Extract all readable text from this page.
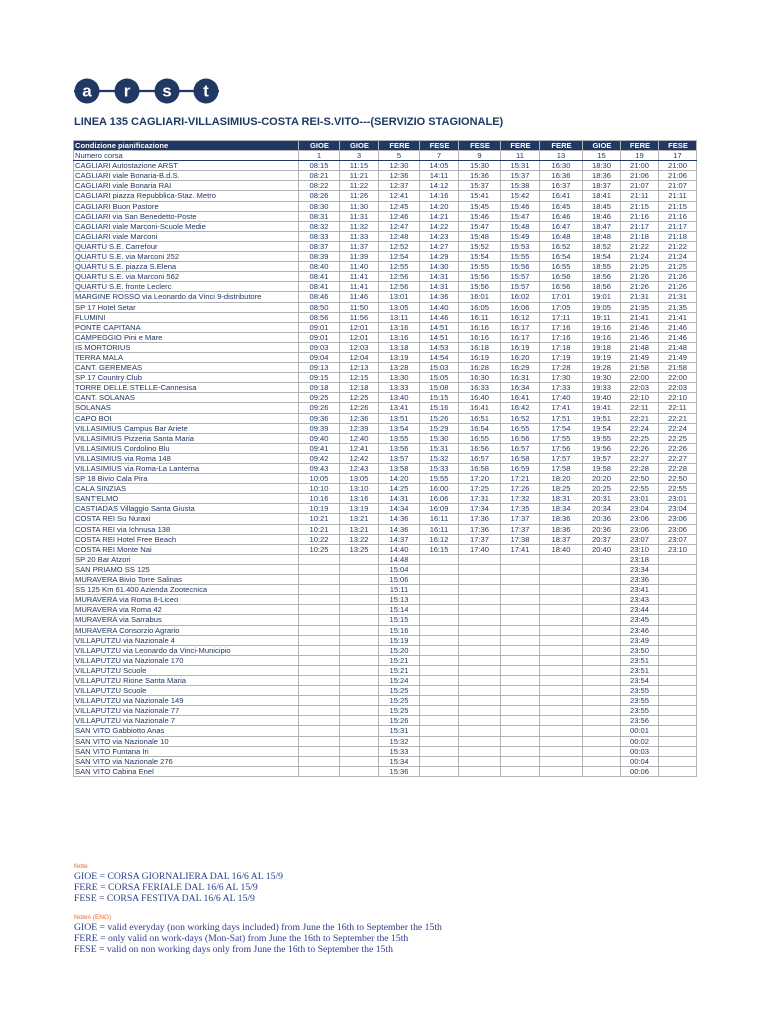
a r s t
LINEA 135 CAGLIARI-VILLASIMIUS-COSTA REI-S.VITO---(SERVIZIO STAGIONALE)
Condizione pianificazione	GIOE	GIOE	FERE	FESE	FESE	FERE	FERE	GIOE	FERE	FESE
Numero corsa	1	3	5	7	9	11	13	15	19	17
CAGLIARI Autostazione ARST	08:15	11:15	12:30	14:05	15:30	15:31	16:30	18:30	21:00	21:00
CAGLIARI viale Bonaria-B.d.S.	08:21	11:21	12:36	14:11	15:36	15:37	16:36	18:36	21:06	21:06
CAGLIARI viale Bonaria RAI	08:22	11:22	12:37	14:12	15:37	15:38	16:37	18:37	21:07	21:07
CAGLIARI piazza Repubblica-Staz. Metro	08:26	11:26	12:41	14:16	15:41	15:42	16:41	18:41	21:11	21:11
CAGLIARI Buon Pastore	08:30	11:30	12:45	14:20	15:45	15:46	16:45	18:45	21:15	21:15
CAGLIARI via San Benedetto-Poste	08:31	11:31	12:46	14:21	15:46	15:47	16:46	18:46	21:16	21:16
CAGLIARI viale Marconi-Scuole Medie	08:32	11:32	12:47	14:22	15:47	15:48	16:47	18:47	21:17	21:17
CAGLIARI viale Marconi	08:33	11:33	12:48	14:23	15:48	15:49	16:48	18:48	21:18	21:18
QUARTU S.E. Carrefour	08:37	11:37	12:52	14:27	15:52	15:53	16:52	18:52	21:22	21:22
QUARTU S.E. via Marconi 252	08:39	11:39	12:54	14:29	15:54	15:55	16:54	18:54	21:24	21:24
QUARTU S.E. piazza S.Elena	08:40	11:40	12:55	14:30	15:55	15:56	16:55	18:55	21:25	21:25
QUARTU S.E. via Marconi 562	08:41	11:41	12:56	14:31	15:56	15:57	16:56	18:56	21:26	21:26
QUARTU S.E. fronte Leclerc	08:41	11:41	12:56	14:31	15:56	15:57	16:56	18:56	21:26	21:26
MARGINE ROSSO via Leonardo da Vinci 9-distributore	08:46	11:46	13:01	14:36	16:01	16:02	17:01	19:01	21:31	21:31
SP 17 Hotel Setar	08:50	11:50	13:05	14:40	16:05	16:06	17:05	19:05	21:35	21:35
FLUMINI	08:56	11:56	13:11	14:46	16:11	16:12	17:11	19:11	21:41	21:41
PONTE CAPITANA	09:01	12:01	13:16	14:51	16:16	16:17	17:16	19:16	21:46	21:46
CAMPEGGIO Pini e Mare	09:01	12:01	13:16	14:51	16:16	16:17	17:16	19:16	21:46	21:46
IS MORTORIUS	09:03	12:03	13:18	14:53	16:18	16:19	17:18	19:18	21:48	21:48
TERRA MALA	09:04	12:04	13:19	14:54	16:19	16:20	17:19	19:19	21:49	21:49
CANT. GEREMEAS	09:13	12:13	13:28	15:03	16:28	16:29	17:28	19:28	21:58	21:58
SP 17 Country Club	09:15	12:15	13:30	15:05	16:30	16:31	17:30	19:30	22:00	22:00
TORRE DELLE STELLE-Cannesisa	09:18	12:18	13:33	15:08	16:33	16:34	17:33	19:33	22:03	22:03
CANT. SOLANAS	09:25	12:25	13:40	15:15	16:40	16:41	17:40	19:40	22:10	22:10
SOLANAS	09:26	12:26	13:41	15:16	16:41	16:42	17:41	19:41	22:11	22:11
CAPO BOI	09:36	12:36	13:51	15:26	16:51	16:52	17:51	19:51	22:21	22:21
VILLASIMIUS Campus Bar Ariete	09:39	12:39	13:54	15:29	16:54	16:55	17:54	19:54	22:24	22:24
VILLASIMIUS Pizzeria Santa Maria	09:40	12:40	13:55	15:30	16:55	16:56	17:55	19:55	22:25	22:25
VILLASIMIUS Cordolino Blu	09:41	12:41	13:56	15:31	16:56	16:57	17:56	19:56	22:26	22:26
VILLASIMIUS via Roma 148	09:42	12:42	13:57	15:32	16:57	16:58	17:57	19:57	22:27	22:27
VILLASIMIUS via Roma-La Lanterna	09:43	12:43	13:58	15:33	16:58	16:59	17:58	19:58	22:28	22:28
SP 18 Bivio Cala Pira	10:05	13:05	14:20	15:55	17:20	17:21	18:20	20:20	22:50	22:50
CALA SINZIAS	10:10	13:10	14:25	16:00	17:25	17:26	18:25	20:25	22:55	22:55
SANT'ELMO	10:16	13:16	14:31	16:06	17:31	17:32	18:31	20:31	23:01	23:01
CASTIADAS Villaggio Santa Giusta	10:19	13:19	14:34	16:09	17:34	17:35	18:34	20:34	23:04	23:04
COSTA REI Su Nuraxi	10:21	13:21	14:36	16:11	17:36	17:37	18:36	20:36	23:06	23:06
COSTA REI via Ichnusa 138	10:21	13:21	14:36	16:11	17:36	17:37	18:36	20:36	23:06	23:06
COSTA REI Hotel Free Beach	10:22	13:22	14:37	16:12	17:37	17:38	18:37	20:37	23:07	23:07
COSTA REI Monte Nai	10:25	13:25	14:40	16:15	17:40	17:41	18:40	20:40	23:10	23:10
SP 20 Bar Atzori			14:48						23:18	
SAN PRIAMO SS 125			15:04						23:34	
MURAVERA Bivio Torre Salinas			15:06						23:36	
SS 125 Km 61.400 Azienda Zootecnica			15:11						23:41	
MURAVERA via Roma 8-Liceo			15:13						23:43	
MURAVERA via Roma 42			15:14						23:44	
MURAVERA via Sarrabus			15:15						23:45	
MURAVERA Consorzio Agrario			15:16						23:46	
VILLAPUTZU via Nazionale 4			15:19						23:49	
VILLAPUTZU via Leonardo da Vinci-Municipio			15:20						23:50	
VILLAPUTZU via Nazionale 170			15:21						23:51	
VILLAPUTZU Scuole			15:21						23:51	
VILLAPUTZU Rione Santa Maria			15:24						23:54	
VILLAPUTZU Scuole			15:25						23:55	
VILLAPUTZU via Nazionale 149			15:25						23:55	
VILLAPUTZU via Nazionale 77			15:25						23:55	
VILLAPUTZU via Nazionale 7			15:26						23:56	
SAN VITO Gabbiotto Anas			15:31						00:01	
SAN VITO via Nazionale 10			15:32						00:02	
SAN VITO Funtana Iri			15:33						00:03	
SAN VITO via Nazionale 276			15:34						00:04	
SAN VITO Cabina Enel			15:36						00:06	
Note
GIOE = CORSA GIORNALIERA DAL 16/6 AL 15/9
FERE = CORSA FERIALE DAL 16/6 AL 15/9
FESE = CORSA FESTIVA DAL 16/6 AL 15/9
Notes (ENG)
GIOE = valid everyday (non working days included) from June the 16th to September the 15th
FERE = only valid on work-days (Mon-Sat) from June the 16th to September the 15th
FESE = valid on non working days only from June the 16th to September the 15th
